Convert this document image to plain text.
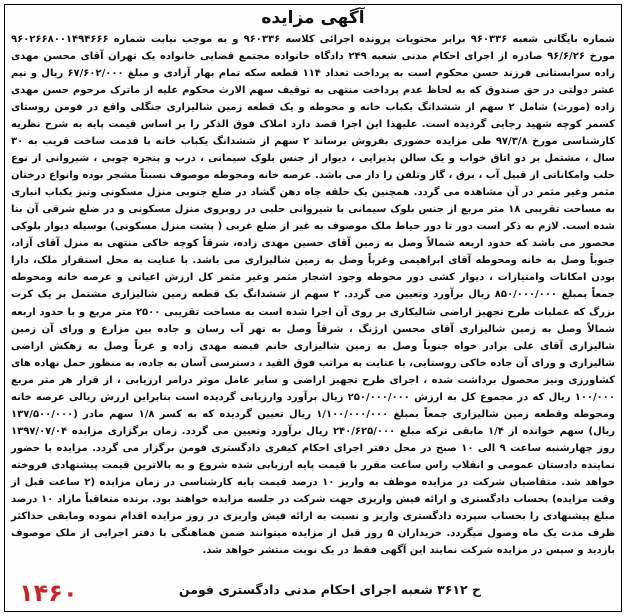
آگهی مزایده

شماره بایگانی شعبه ۹۶۰۳۳۶ برابر محتویات پرونده اجرائی کلاسه ۹۶۰۳۳۶ و به موجب نیابت شماره ۹۶۰۲۶۶۸۰۰۱۴۹۴۶۶۶ مورخ ۹۶/۶/۲۶ صادره از اجرای احکام مدنی شعبه ۲۴۹ دادگاه خانواده مجتمع قضایی خانواده یک تهران آقای محسن مهدی زاده سرابستانی فرزند حسن محکوم است به پرداخت تعداد ۱۱۴ قطعه سکه تمام بهار آزادی و مبلغ ۶۷/۶۰۲/۰۰۰ ریال و نیم عشر دولتی در حق صندوق که به لحاظ عدم پرداخت منتهی به توقیف سهم الارث محکوم علیه از ماترک مرحوم حسن مهدی زاده (مورث) شامل ۲ سهم از ششدانگ یکباب خانه و محوطه و یک قطعه زمین شالیزاری جنگلی واقع در فومن روستای کسمر کوچه شهید رجایی گردیده است. علیهذا این اجرا قصد دارد املاک فوق الذکر را بر اساس قیمت پایه به شرح نظریه کارشناسی مورخ ۹۷/۳/۸ طی مزایده حضوری بفروش برساند ۲ سهم از ششدانگ یکباب خانه با قدمت ساخت قریب به ۳۰ سال ، مشتمل بر دو اتاق خواب و یک سالن پذیرایی ، دیوار از جنس بلوک سیمانی ، درب و پنجره چوبی ، شیروانی از نوع حلب وامکاناتی از قبیل آب ، برق ، گاز وتلفن را دار می باشد. عرصه خانه ومحوطه موصوف نسبتاً مشجر بوده وانواع درختان مثمر وغیر مثمر در آن مشاهده می گردد. همچنین یک حلقه چاه دهن گشاد در ضلع جنوبی منزل مسکونی ونیز یکباب انباری به مساحت تقریبی ۱۸ متر مربع از جنس بلوک سیمانی با شیروانی حلبی در روبروی منزل مسکونی و در ضلع شرقی آن بنا شده است. لازم به ذکر است دور تا دور حیاط ملک موصوف به غیر از ضلع غربی ( پشت منزل مسکونی) بوسیله دیوار بلوکی محصور می باشد که حدود اربعه شمالاً وصل به زمین آقای حسین مهدی زاده، شرقاً کوچه خاکی منتهی به منزل آقای آزاد، جنوباً وصل به خانه ومحوطه آقای ابراهیمی وغرباً وصل به زمین شالیزاری می باشد. با عنایت به محل استقرار ملک، دارا بودن امکانات وامتیازات ، دیوار کشی دور محوطه وجود اشجار مثمر وغیر مثمر کل ارزش اعیانی و عرصه خانه ومحوطه جمعاً بمبلغ ۸۵۰/۰۰۰/۰۰۰ ریال برآورد وتعیین می گردد. ۲ سهم از ششدانگ یک قطعه زمین شالیزاری مشتمل بر یک کرت بزرگ که عملیات طرح تجهیز اراضی شالیکاری بر روی آن اجرا شده است به مساحت تقریبی ۲۵۰۰ متر مربع و با حدود اربعه شمالاً وصل به زمین شالیزاری آقای محسن ارژنگ ، شرقاً وصل به نهر آب رسان و جاده بین مزارع و ورای آن زمین شالیزاری آقای علی برادر خواه جنوباً وصل به زمین شالیزاری خانم فیضه مهدی زاده و غرباً وصل به زهکش اراضی شالیزاری و ورای آن جاده خاکی روستایی، با عنایت به مراتب فوق القید ، دسترسی آسان به جاده، به منظور حمل نهاده های کشاورزی ونیز محصول برداشت شده ، اجرای طرح تجهیز اراضی و سایر عامل موثر درامر ارزیابی ، از قرار هر متر مربع ۱۰۰/۰۰۰ ریال که در مجموع کل به ارزش ۲۵۰/۰۰۰/۰۰۰ ریال برآورد وارزیابی گردیده است بنابراین ارزش ریالی عرصه خانه ومحوطه وقطعه زمین شالیزاری جمعاً بمبلغ ۱/۱۰۰/۰۰۰/۰۰۰ ریال تعیین گردیده که به کسر ۱/۸ سهم مادر (۱۳۷/۵۰۰/۰۰۰ ریال) سهم خوانده از ۱/۴ مابقی ترکه مبلغ ۲۴۰/۶۲۵/۰۰۰ ریال برآورد وتعیین می گردد. زمان برگزاری مزایده ۱۳۹۷/۰۷/۰۴ روز چهارشنبه ساعت ۹ الی ۱۰ صبح در محل دفتر اجرای احکام کیفری دادگستری فومن برگزار می گردد. مزایده با حضور نماینده دادستان عمومی و انقلاب راس ساعت مقرر با قیمت پایه ارزیابی شده شروع و به بالاترین قیمت پیشنهادی فروخته خواهد شد. متقاضیان شرکت در مزایده موظف به واریز ۱۰ درصد قیمت پایه کارشناسی در زمان مزایده (۲ ساعت قبل از وقت مزایده) بحساب دادگستری و ارائه فیش واریزی جهت شرکت در جلسه مزایده خواهند بود. برنده متعاقباً مازاد ۱۰ درصد مبلغ پیشنهادی را بحساب سپرده دادگستری واریز و نسبت به ارائه فیش واریزی در روز مزایده اقدام نموده ومابقی حداکثر ظرف مدت یک ماه وصول میگردد. خریداران ۵ روز قبل از مزایده میتوانند ضمن هماهنگی با دفتر اجرایی از ملک موصوف بازدید و سپس در مزایده شرکت نمایند این آگهی فقط در یک نوبت منتشر خواهد شد.

ح ۳۶۱۲ شعبه اجرای احکام مدنی دادگستری فومن
۱۴۶۰
